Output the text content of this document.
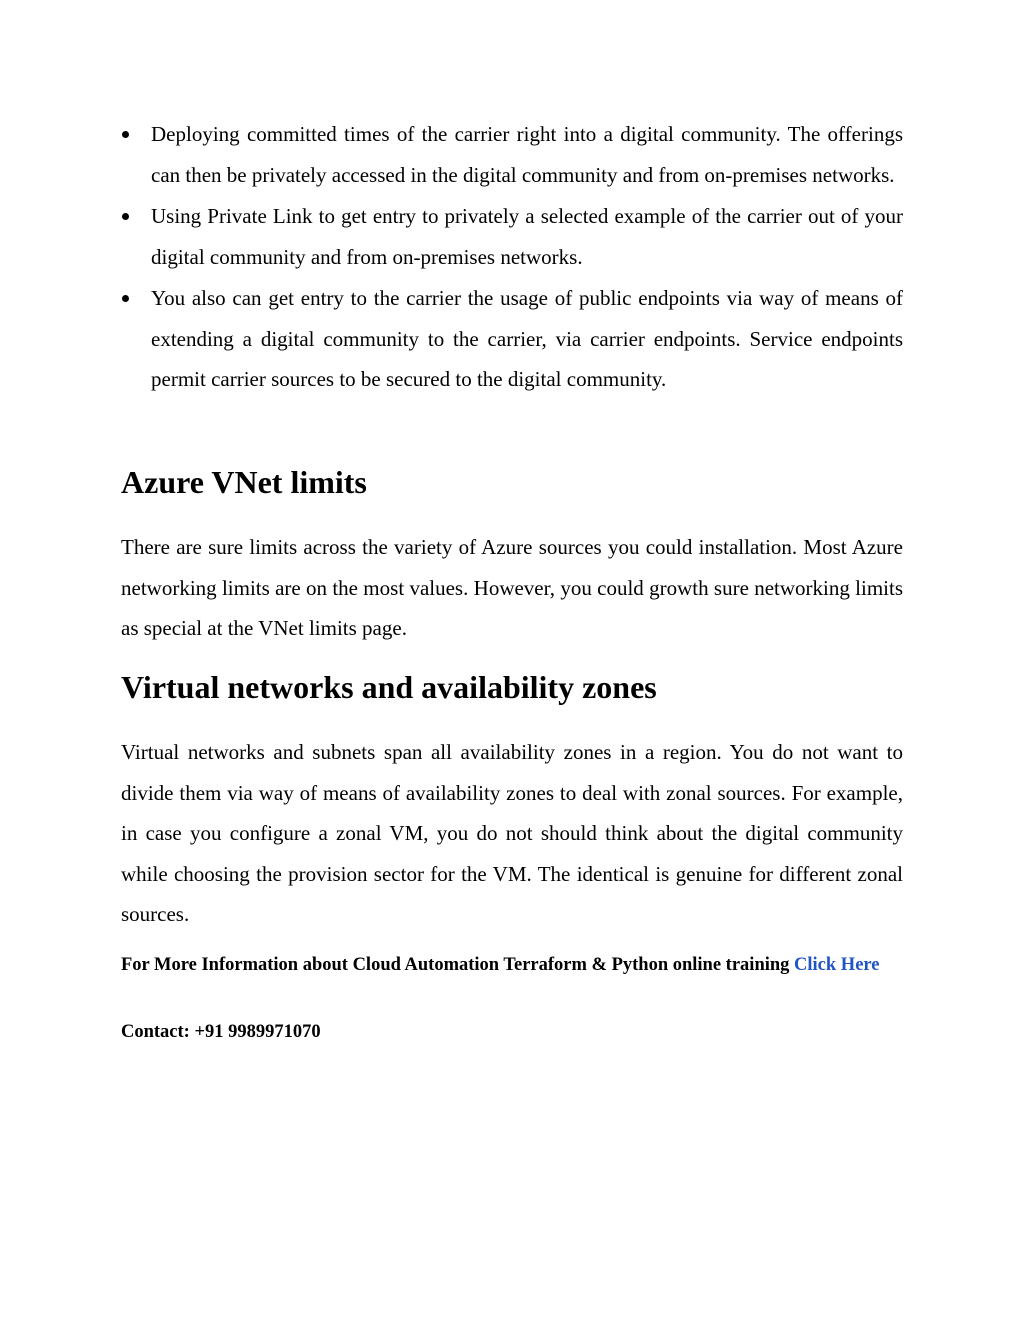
Deploying committed times of the carrier right into a digital community. The offerings can then be privately accessed in the digital community and from on-premises networks.
Using Private Link to get entry to privately a selected example of the carrier out of your digital community and from on-premises networks.
You also can get entry to the carrier the usage of public endpoints via way of means of extending a digital community to the carrier, via carrier endpoints. Service endpoints permit carrier sources to be secured to the digital community.
Azure VNet limits

There are sure limits across the variety of Azure sources you could installation. Most Azure networking limits are on the most values. However, you could growth sure networking limits as special at the VNet limits page.

Virtual networks and availability zones

Virtual networks and subnets span all availability zones in a region. You do not want to divide them via way of means of availability zones to deal with zonal sources. For example, in case you configure a zonal VM, you do not should think about the digital community while choosing the provision sector for the VM. The identical is genuine for different zonal sources.

For More Information about Cloud Automation Terraform & Python online training Click Here

Contact: +91 9989971070
